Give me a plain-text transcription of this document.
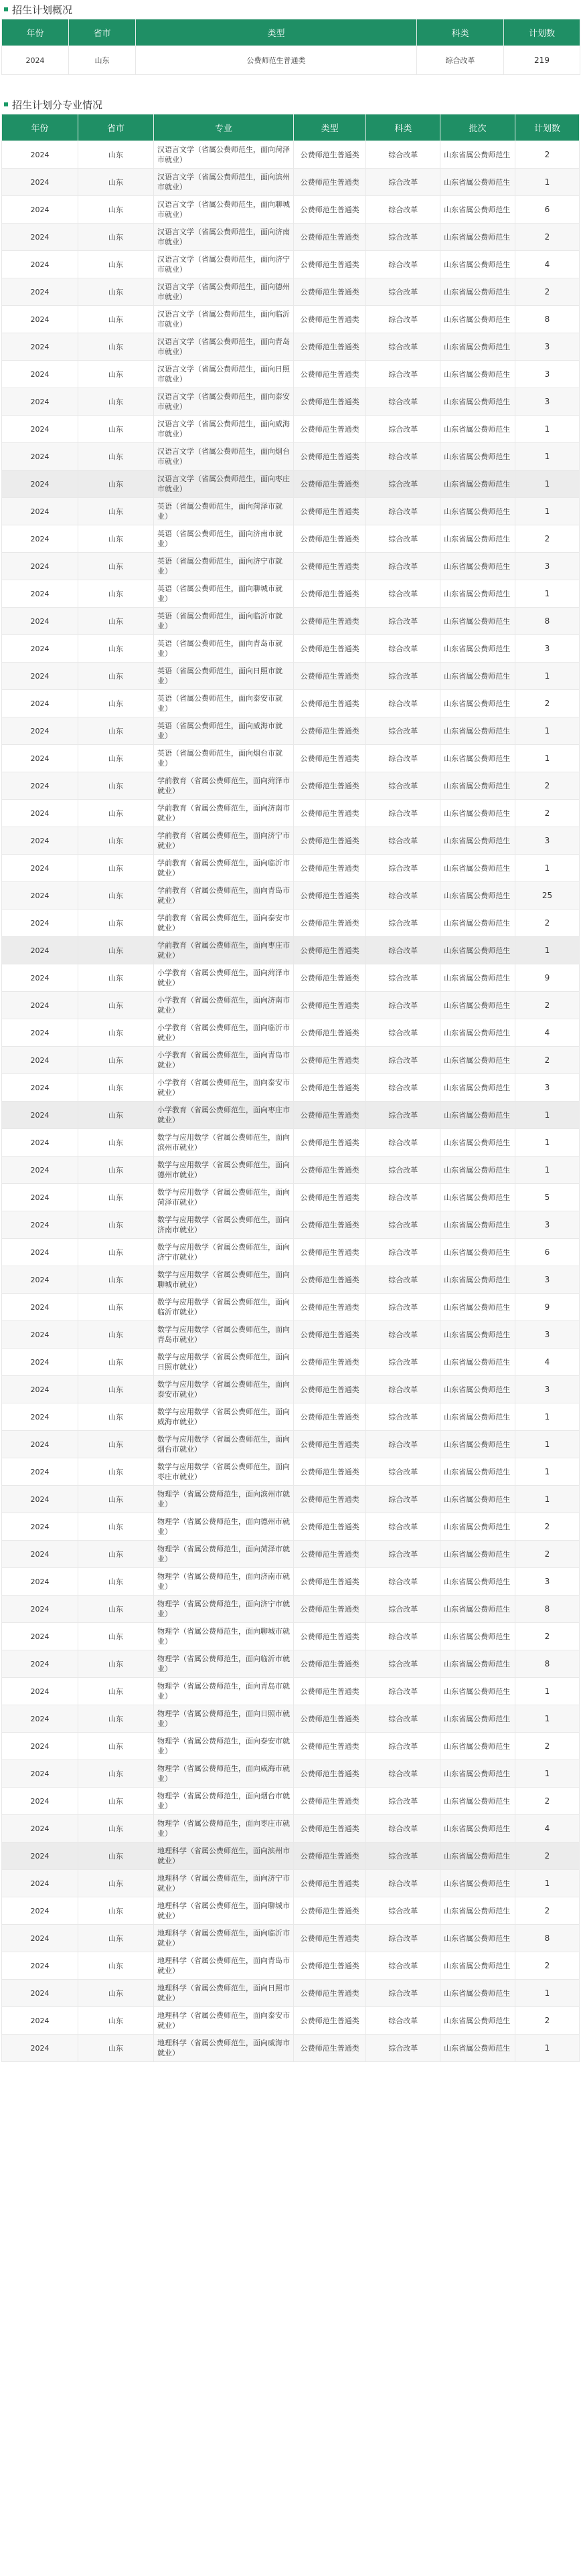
招生计划概况
年份	省市	类型	科类	计划数
2024	山东	公费师范生普通类	综合改革	219
招生计划分专业情况
年份	省市	专业	类型	科类	批次	计划数
2024	山东	汉语言文学（省属公费师范生，面向菏泽市就业）	公费师范生普通类	综合改革	山东省属公费师范生	2
2024	山东	汉语言文学（省属公费师范生，面向滨州市就业）	公费师范生普通类	综合改革	山东省属公费师范生	1
2024	山东	汉语言文学（省属公费师范生，面向聊城市就业）	公费师范生普通类	综合改革	山东省属公费师范生	6
2024	山东	汉语言文学（省属公费师范生，面向济南市就业）	公费师范生普通类	综合改革	山东省属公费师范生	2
2024	山东	汉语言文学（省属公费师范生，面向济宁市就业）	公费师范生普通类	综合改革	山东省属公费师范生	4
2024	山东	汉语言文学（省属公费师范生，面向德州市就业）	公费师范生普通类	综合改革	山东省属公费师范生	2
2024	山东	汉语言文学（省属公费师范生，面向临沂市就业）	公费师范生普通类	综合改革	山东省属公费师范生	8
2024	山东	汉语言文学（省属公费师范生，面向青岛市就业）	公费师范生普通类	综合改革	山东省属公费师范生	3
2024	山东	汉语言文学（省属公费师范生，面向日照市就业）	公费师范生普通类	综合改革	山东省属公费师范生	3
2024	山东	汉语言文学（省属公费师范生，面向泰安市就业）	公费师范生普通类	综合改革	山东省属公费师范生	3
2024	山东	汉语言文学（省属公费师范生，面向威海市就业）	公费师范生普通类	综合改革	山东省属公费师范生	1
2024	山东	汉语言文学（省属公费师范生，面向烟台市就业）	公费师范生普通类	综合改革	山东省属公费师范生	1
2024	山东	汉语言文学（省属公费师范生，面向枣庄市就业）	公费师范生普通类	综合改革	山东省属公费师范生	1
2024	山东	英语（省属公费师范生，面向菏泽市就业）	公费师范生普通类	综合改革	山东省属公费师范生	1
2024	山东	英语（省属公费师范生，面向济南市就业）	公费师范生普通类	综合改革	山东省属公费师范生	2
2024	山东	英语（省属公费师范生，面向济宁市就业）	公费师范生普通类	综合改革	山东省属公费师范生	3
2024	山东	英语（省属公费师范生，面向聊城市就业）	公费师范生普通类	综合改革	山东省属公费师范生	1
2024	山东	英语（省属公费师范生，面向临沂市就业）	公费师范生普通类	综合改革	山东省属公费师范生	8
2024	山东	英语（省属公费师范生，面向青岛市就业）	公费师范生普通类	综合改革	山东省属公费师范生	3
2024	山东	英语（省属公费师范生，面向日照市就业）	公费师范生普通类	综合改革	山东省属公费师范生	1
2024	山东	英语（省属公费师范生，面向泰安市就业）	公费师范生普通类	综合改革	山东省属公费师范生	2
2024	山东	英语（省属公费师范生，面向威海市就业）	公费师范生普通类	综合改革	山东省属公费师范生	1
2024	山东	英语（省属公费师范生，面向烟台市就业）	公费师范生普通类	综合改革	山东省属公费师范生	1
2024	山东	学前教育（省属公费师范生，面向菏泽市就业）	公费师范生普通类	综合改革	山东省属公费师范生	2
2024	山东	学前教育（省属公费师范生，面向济南市就业）	公费师范生普通类	综合改革	山东省属公费师范生	2
2024	山东	学前教育（省属公费师范生，面向济宁市就业）	公费师范生普通类	综合改革	山东省属公费师范生	3
2024	山东	学前教育（省属公费师范生，面向临沂市就业）	公费师范生普通类	综合改革	山东省属公费师范生	1
2024	山东	学前教育（省属公费师范生，面向青岛市就业）	公费师范生普通类	综合改革	山东省属公费师范生	25
2024	山东	学前教育（省属公费师范生，面向泰安市就业）	公费师范生普通类	综合改革	山东省属公费师范生	2
2024	山东	学前教育（省属公费师范生，面向枣庄市就业）	公费师范生普通类	综合改革	山东省属公费师范生	1
2024	山东	小学教育（省属公费师范生，面向菏泽市就业）	公费师范生普通类	综合改革	山东省属公费师范生	9
2024	山东	小学教育（省属公费师范生，面向济南市就业）	公费师范生普通类	综合改革	山东省属公费师范生	2
2024	山东	小学教育（省属公费师范生，面向临沂市就业）	公费师范生普通类	综合改革	山东省属公费师范生	4
2024	山东	小学教育（省属公费师范生，面向青岛市就业）	公费师范生普通类	综合改革	山东省属公费师范生	2
2024	山东	小学教育（省属公费师范生，面向泰安市就业）	公费师范生普通类	综合改革	山东省属公费师范生	3
2024	山东	小学教育（省属公费师范生，面向枣庄市就业）	公费师范生普通类	综合改革	山东省属公费师范生	1
2024	山东	数学与应用数学（省属公费师范生，面向滨州市就业）	公费师范生普通类	综合改革	山东省属公费师范生	1
2024	山东	数学与应用数学（省属公费师范生，面向德州市就业）	公费师范生普通类	综合改革	山东省属公费师范生	1
2024	山东	数学与应用数学（省属公费师范生，面向菏泽市就业）	公费师范生普通类	综合改革	山东省属公费师范生	5
2024	山东	数学与应用数学（省属公费师范生，面向济南市就业）	公费师范生普通类	综合改革	山东省属公费师范生	3
2024	山东	数学与应用数学（省属公费师范生，面向济宁市就业）	公费师范生普通类	综合改革	山东省属公费师范生	6
2024	山东	数学与应用数学（省属公费师范生，面向聊城市就业）	公费师范生普通类	综合改革	山东省属公费师范生	3
2024	山东	数学与应用数学（省属公费师范生，面向临沂市就业）	公费师范生普通类	综合改革	山东省属公费师范生	9
2024	山东	数学与应用数学（省属公费师范生，面向青岛市就业）	公费师范生普通类	综合改革	山东省属公费师范生	3
2024	山东	数学与应用数学（省属公费师范生，面向日照市就业）	公费师范生普通类	综合改革	山东省属公费师范生	4
2024	山东	数学与应用数学（省属公费师范生，面向泰安市就业）	公费师范生普通类	综合改革	山东省属公费师范生	3
2024	山东	数学与应用数学（省属公费师范生，面向威海市就业）	公费师范生普通类	综合改革	山东省属公费师范生	1
2024	山东	数学与应用数学（省属公费师范生，面向烟台市就业）	公费师范生普通类	综合改革	山东省属公费师范生	1
2024	山东	数学与应用数学（省属公费师范生，面向枣庄市就业）	公费师范生普通类	综合改革	山东省属公费师范生	1
2024	山东	物理学（省属公费师范生，面向滨州市就业）	公费师范生普通类	综合改革	山东省属公费师范生	1
2024	山东	物理学（省属公费师范生，面向德州市就业）	公费师范生普通类	综合改革	山东省属公费师范生	2
2024	山东	物理学（省属公费师范生，面向菏泽市就业）	公费师范生普通类	综合改革	山东省属公费师范生	2
2024	山东	物理学（省属公费师范生，面向济南市就业）	公费师范生普通类	综合改革	山东省属公费师范生	3
2024	山东	物理学（省属公费师范生，面向济宁市就业）	公费师范生普通类	综合改革	山东省属公费师范生	8
2024	山东	物理学（省属公费师范生，面向聊城市就业）	公费师范生普通类	综合改革	山东省属公费师范生	2
2024	山东	物理学（省属公费师范生，面向临沂市就业）	公费师范生普通类	综合改革	山东省属公费师范生	8
2024	山东	物理学（省属公费师范生，面向青岛市就业）	公费师范生普通类	综合改革	山东省属公费师范生	1
2024	山东	物理学（省属公费师范生，面向日照市就业）	公费师范生普通类	综合改革	山东省属公费师范生	1
2024	山东	物理学（省属公费师范生，面向泰安市就业）	公费师范生普通类	综合改革	山东省属公费师范生	2
2024	山东	物理学（省属公费师范生，面向威海市就业）	公费师范生普通类	综合改革	山东省属公费师范生	1
2024	山东	物理学（省属公费师范生，面向烟台市就业）	公费师范生普通类	综合改革	山东省属公费师范生	2
2024	山东	物理学（省属公费师范生，面向枣庄市就业）	公费师范生普通类	综合改革	山东省属公费师范生	4
2024	山东	地理科学（省属公费师范生，面向滨州市就业）	公费师范生普通类	综合改革	山东省属公费师范生	2
2024	山东	地理科学（省属公费师范生，面向济宁市就业）	公费师范生普通类	综合改革	山东省属公费师范生	1
2024	山东	地理科学（省属公费师范生，面向聊城市就业）	公费师范生普通类	综合改革	山东省属公费师范生	2
2024	山东	地理科学（省属公费师范生，面向临沂市就业）	公费师范生普通类	综合改革	山东省属公费师范生	8
2024	山东	地理科学（省属公费师范生，面向青岛市就业）	公费师范生普通类	综合改革	山东省属公费师范生	2
2024	山东	地理科学（省属公费师范生，面向日照市就业）	公费师范生普通类	综合改革	山东省属公费师范生	1
2024	山东	地理科学（省属公费师范生，面向泰安市就业）	公费师范生普通类	综合改革	山东省属公费师范生	2
2024	山东	地理科学（省属公费师范生，面向威海市就业）	公费师范生普通类	综合改革	山东省属公费师范生	1
